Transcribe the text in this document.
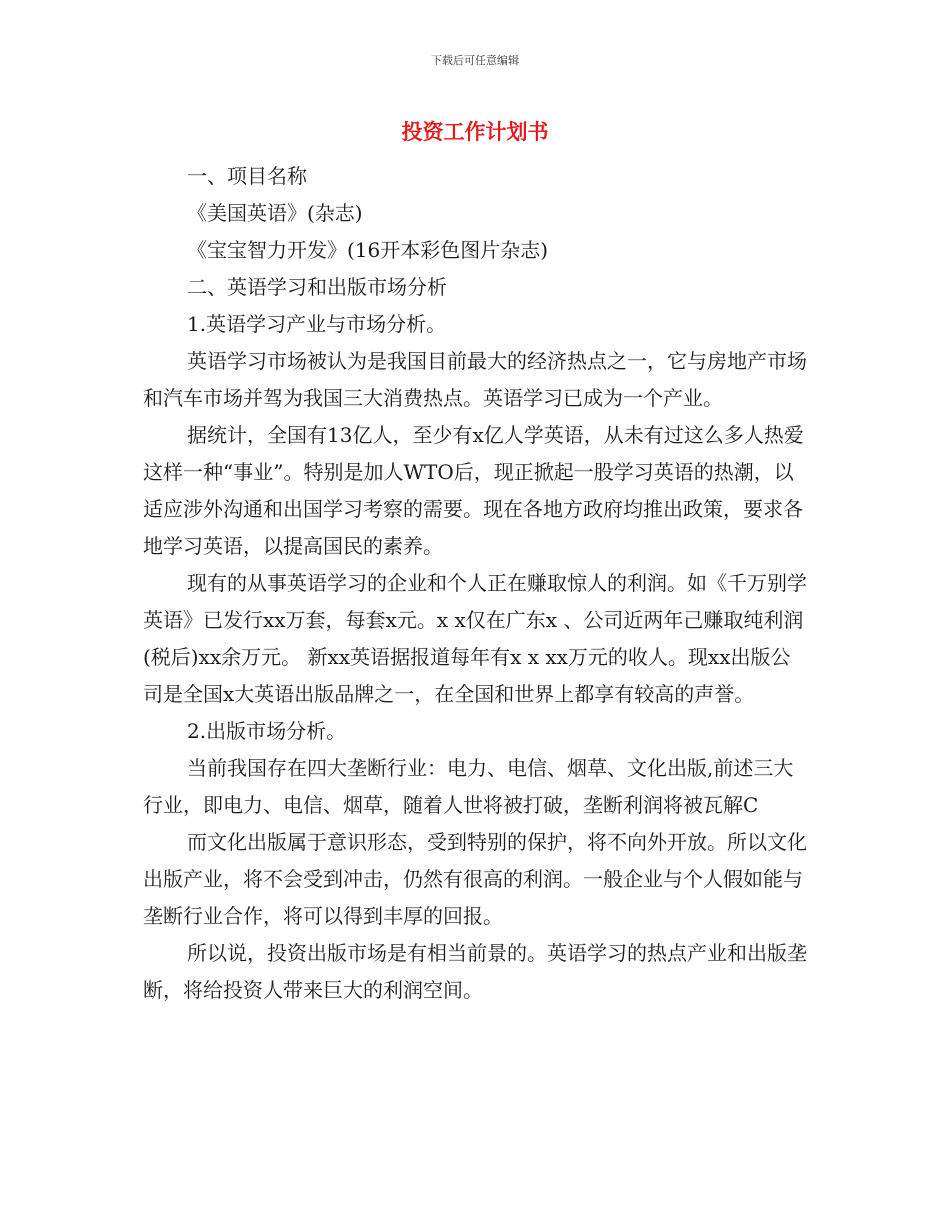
下载后可任意编辑
投资工作计划书

一、项目名称

《美国英语》(杂志)

《宝宝智力开发》(16开本彩色图片杂志)

二、英语学习和出版市场分析

1.英语学习产业与市场分析。

英语学习市场被认为是我国目前最大的经济热点之一，它与房地产市场和汽车市场并驾为我国三大消费热点。英语学习已成为一个产业。

据统计，全国有13亿人，至少有x亿人学英语，从未有过这么多人热爱这样一种“事业”。特别是加人WTO后，现正掀起一股学习英语的热潮，以适应涉外沟通和出国学习考察的需要。现在各地方政府均推出政策，要求各地学习英语，以提高国民的素养。

现有的从事英语学习的企业和个人正在赚取惊人的利润。如《千万别学英语》已发行xx万套，每套x元。x x仅在广东x 、公司近两年己赚取纯利润(税后)xx余万元。 新xx英语据报道每年有x x xx万元的收人。现xx出版公司是全国x大英语出版品牌之一，在全国和世界上都享有较高的声誉。

2.出版市场分析。

当前我国存在四大垄断行业：电力、电信、烟草、文化出版,前述三大行业，即电力、电信、烟草，随着人世将被打破，垄断利润将被瓦解C

而文化出版属于意识形态，受到特别的保护，将不向外开放。所以文化出版产业，将不会受到冲击，仍然有很高的利润。一般企业与个人假如能与垄断行业合作，将可以得到丰厚的回报。

所以说，投资出版市场是有相当前景的。英语学习的热点产业和出版垄断，将给投资人带来巨大的利润空间。
